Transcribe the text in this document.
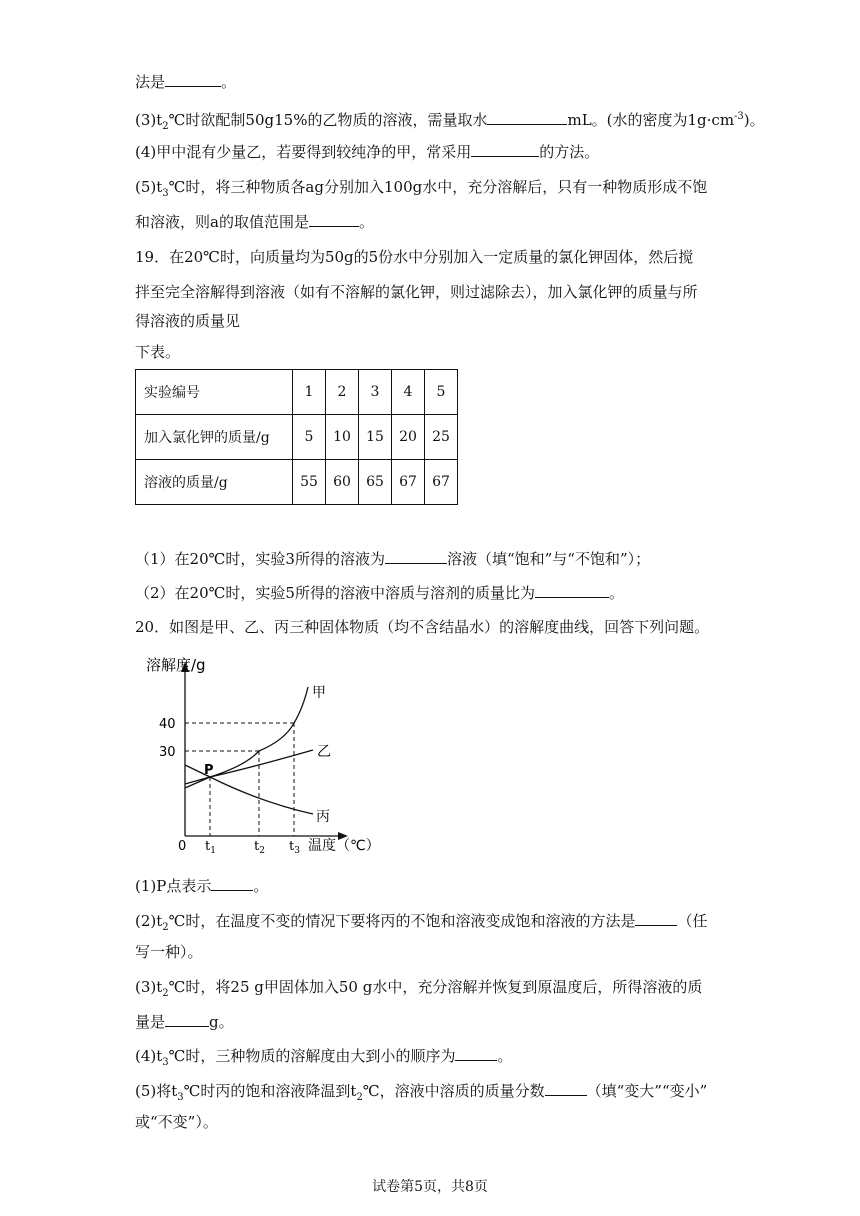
法是	。
$(3)t_2℃$时欲配制50g15%的乙物质的溶液，需量取水	mL。(水的密度为$1g\cdot cm^{-3}$)。
(4)甲中混有少量乙，若要得到较纯净的甲，常采用	的方法。
$(5)t_3℃$时，将三种物质各ag分别加入100g水中，充分溶解后，只有一种物质形成不饱
和溶液，则a的取值范围是	。
19．在20℃时，向质量均为50g的5份水中分别加入一定质量的氯化钾固体，然后搅
拌至完全溶解得到溶液（如有不溶解的氯化钾，则过滤除去），加入氯化钾的质量与所
得溶液的质量见
下表。
实验编号	1	2	3	4	5
加入氯化钾的质量/g	5	10	15	20	25
溶液的质量/g	55	60	65	67	67
（1）在20℃时，实验3所得的溶液为	溶液（填“饱和”与“不饱和”）；
（2）在20℃时，实验5所得的溶液中溶质与溶剂的质量比为	。
20．如图是甲、乙、丙三种固体物质（均不含结晶水）的溶解度曲线，回答下列问题。
溶解度/g
40
30
0
P
$t_1$	$t_2$ $t_3$ 温度（℃）
甲
乙
丙
(1)P点表示	。
$(2)t_2℃$时，在温度不变的情况下要将丙的不饱和溶液变成饱和溶液的方法是	（任
写一种）。
$(3)t_2℃$时，将25 g甲固体加入50 g水中，充分溶解并恢复到原温度后，所得溶液的质
量是	g。
$(4)t_3℃$时，三种物质的溶解度由大到小的顺序为	。
(5)将$t_3℃$时丙的饱和溶液降温到$t_2℃$，溶液中溶质的质量分数	（填“变大”“变小”
或“不变”）。
试卷第5页，共8页
